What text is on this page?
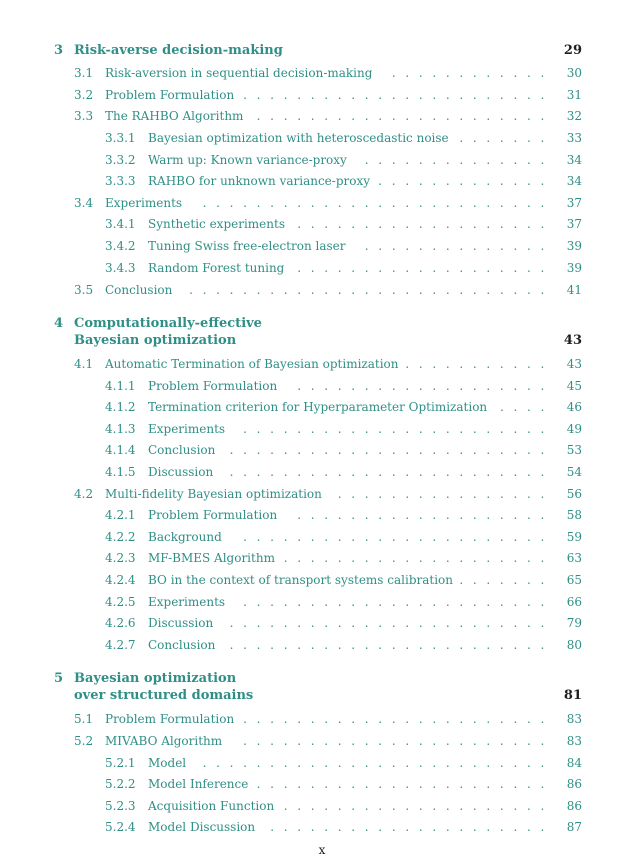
3 Risk-averse decision-making	29
3.1 Risk-aversion in sequential decision-making	............ 30
3.2 Problem Formulation ....................... 31
3.3 The RAHBO Algorithm	...................... 32
3.3.1 Bayesian optimization with heteroscedastic noise ....... 33
3.3.2 Warm up: Known variance-proxy	.............. 34
3.3.3 RAHBO for unknown variance-proxy ............. 34
3.4 Experiments	.......................... 37
3.4.1 Synthetic experiments	................... 37
3.4.2 Tuning Swiss free-electron laser	.............. 39
3.4.3 Random Forest tuning	................... 39
3.5 Conclusion	........................... 41
4 Computationally-effective
Bayesian optimization	43
4.1 Automatic Termination of Bayesian optimization ........... 43
4.1.1 Problem Formulation	................... 45
4.1.2 Termination criterion for Hyperparameter Optimization	.... 46
4.1.3 Experiments	....................... 49
4.1.4 Conclusion	........................ 53
4.1.5 Discussion	........................ 54
4.2 Multi-fidelity Bayesian optimization	................ 56
4.2.1 Problem Formulation	................... 58
4.2.2 Background	....................... 59
4.2.3 MF-BMES Algorithm .................... 63
4.2.4 BO in the context of transport systems calibration ....... 65
4.2.5 Experiments	....................... 66
4.2.6 Discussion	........................ 79
4.2.7 Conclusion	........................ 80
5 Bayesian optimization
over structured domains	81
5.1 Problem Formulation ....................... 83
5.2 MIVABO Algorithm	....................... 83
5.2.1 Model	.......................... 84
5.2.2 Model Inference ...................... 86
5.2.3 Acquisition Function .................... 86
5.2.4 Model Discussion	..................... 87
x
